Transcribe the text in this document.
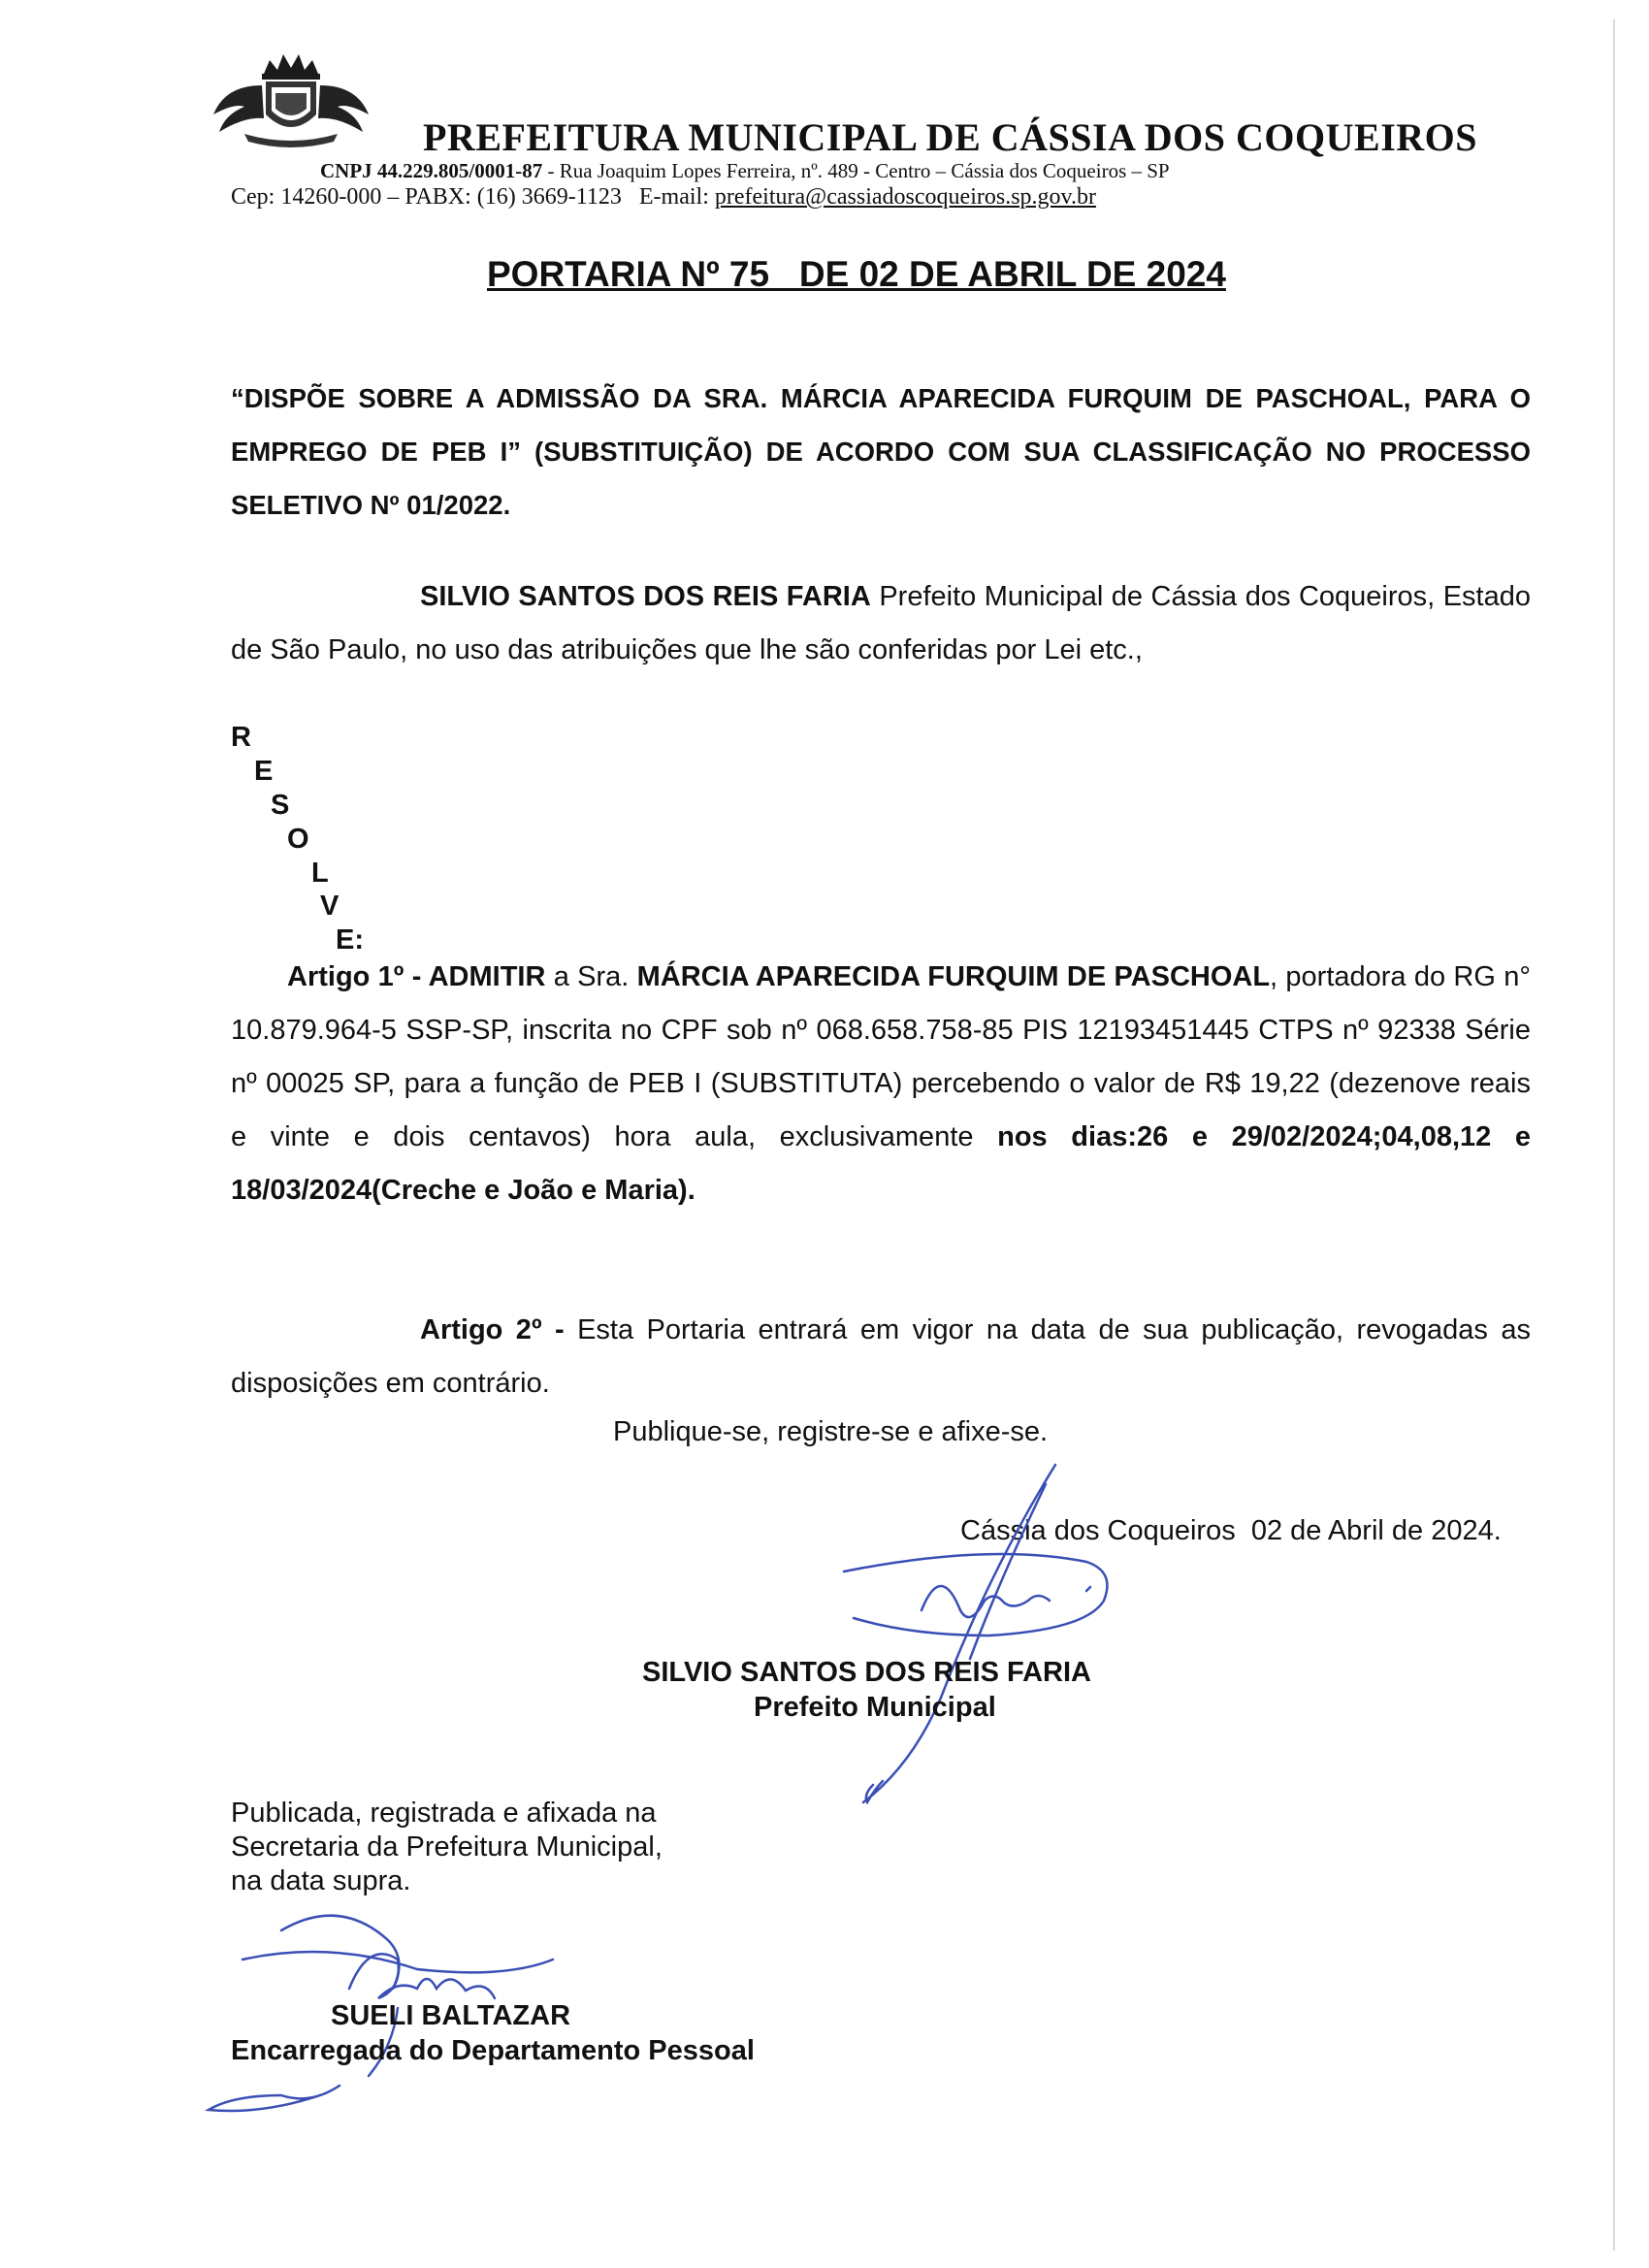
PREFEITURA MUNICIPAL DE CÁSSIA DOS COQUEIROS
CNPJ 44.229.805/0001-87 - Rua Joaquim Lopes Ferreira, nº. 489 - Centro – Cássia dos Coqueiros – SP
Cep: 14260-000 – PABX: (16) 3669-1123 E-mail: prefeitura@cassiadoscoqueiros.sp.gov.br
PORTARIA Nº 75   DE 02 DE ABRIL DE 2024
“DISPÕE SOBRE A ADMISSÃO DA SRA. MÁRCIA APARECIDA FURQUIM DE PASCHOAL, PARA O EMPREGO DE PEB I” (SUBSTITUIÇÃO) DE ACORDO COM SUA CLASSIFICAÇÃO NO PROCESSO SELETIVO Nº 01/2022.
SILVIO SANTOS DOS REIS FARIA Prefeito Municipal de Cássia dos Coqueiros, Estado de São Paulo, no uso das atribuições que lhe são conferidas por Lei etc.,
R
E
S
O
L
V
E:
Artigo 1º - ADMITIR a Sra. MÁRCIA APARECIDA FURQUIM DE PASCHOAL, portadora do RG n° 10.879.964-5 SSP-SP, inscrita no CPF sob nº 068.658.758-85 PIS 12193451445 CTPS nº 92338 Série nº 00025 SP, para a função de PEB I (SUBSTITUTA) percebendo o valor de R$ 19,22 (dezenove reais e vinte e dois centavos) hora aula, exclusivamente nos dias:26 e 29/02/2024;04,08,12 e 18/03/2024(Creche e João e Maria).
Artigo 2º - Esta Portaria entrará em vigor na data de sua publicação, revogadas as disposições em contrário.
Publique-se, registre-se e afixe-se.
Cássia dos Coqueiros  02 de Abril de 2024.
SILVIO SANTOS DOS REIS FARIA
Prefeito Municipal
Publicada, registrada e afixada na
Secretaria da Prefeitura Municipal,
na data supra.
SUELI BALTAZAR
Encarregada do Departamento Pessoal
